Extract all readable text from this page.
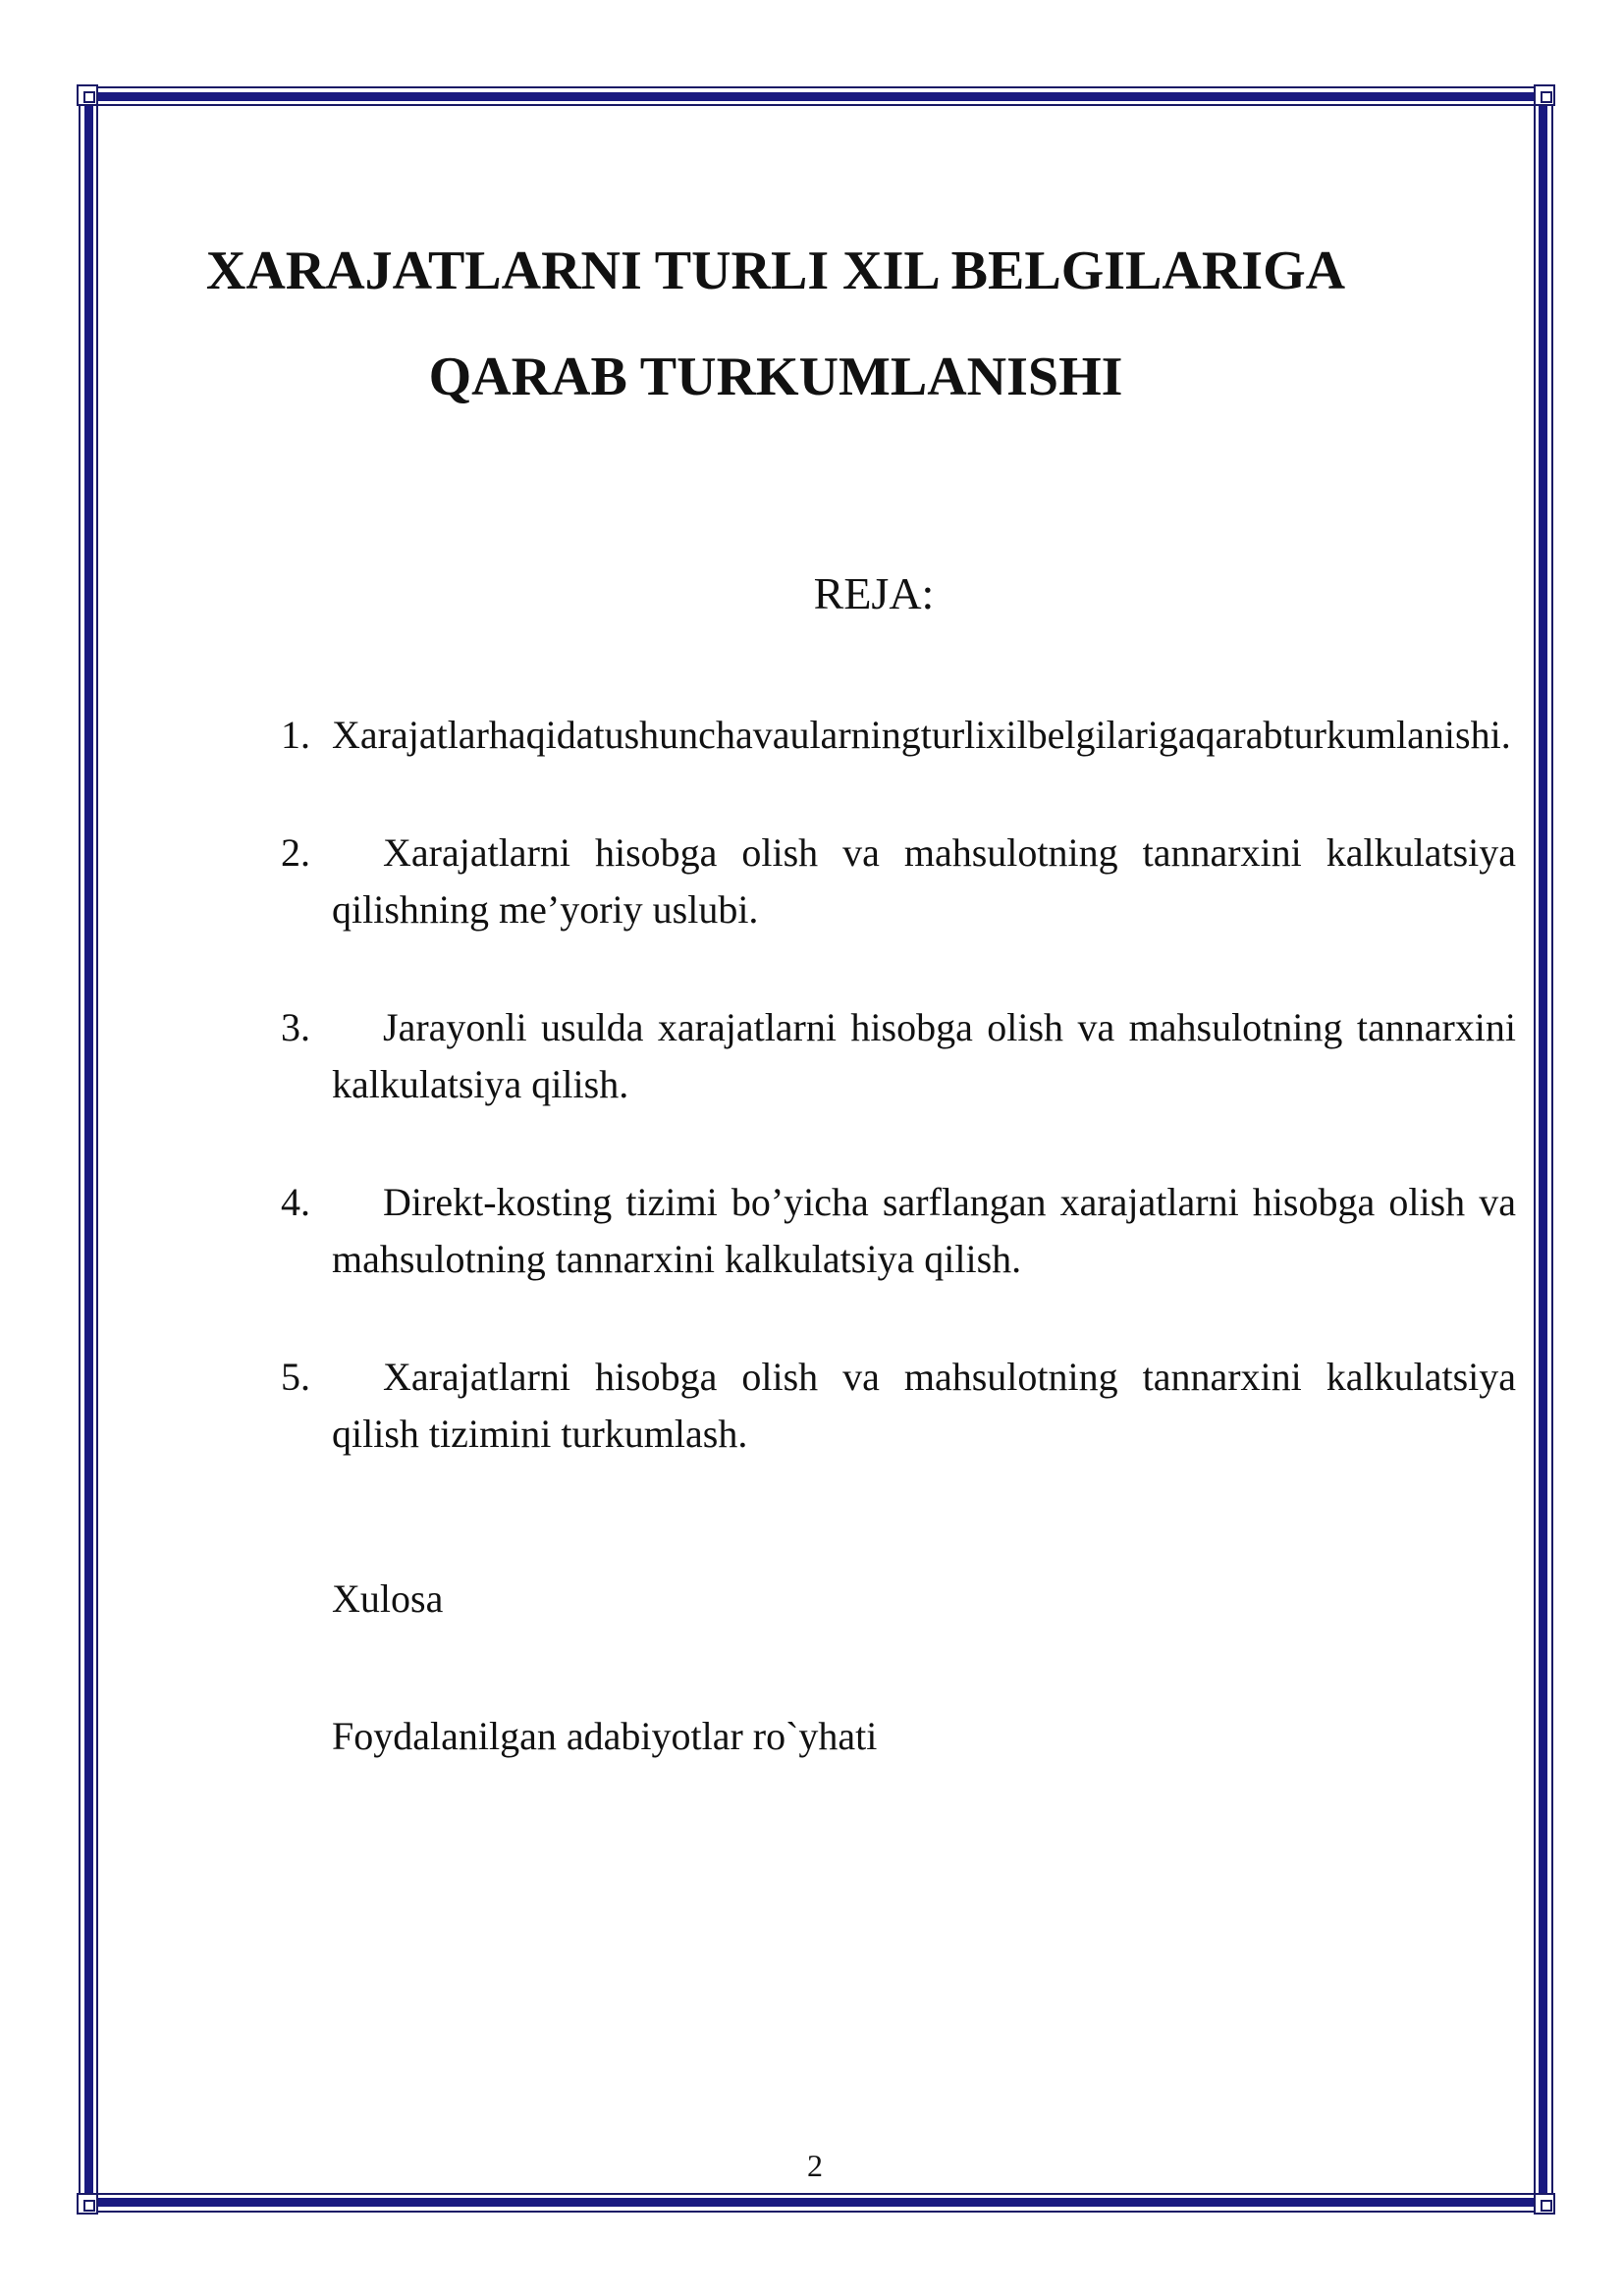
XARAJATLARNI TURLI XIL BELGILARIGA
QARAB TURKUMLANISHI

REJA:

1. Xarajatlarhaqidatushunchavaularningturlixilbelgilarigaqarabturkumlanishi.
2. Xarajatlarni hisobga olish va mahsulotning tannarxini kalkulatsiya qilishning me’yoriy uslubi.
3. Jarayonli usulda xarajatlarni hisobga olish va mahsulotning tannarxini kalkulatsiya qilish.
4. Direkt-kosting tizimi bo’yicha sarflangan xarajatlarni hisobga olish va mahsulotning tannarxini kalkulatsiya qilish.
5. Xarajatlarni hisobga olish va mahsulotning tannarxini kalkulatsiya qilish tizimini turkumlash.

Xulosa

Foydalanilgan adabiyotlar ro`yhati

2
